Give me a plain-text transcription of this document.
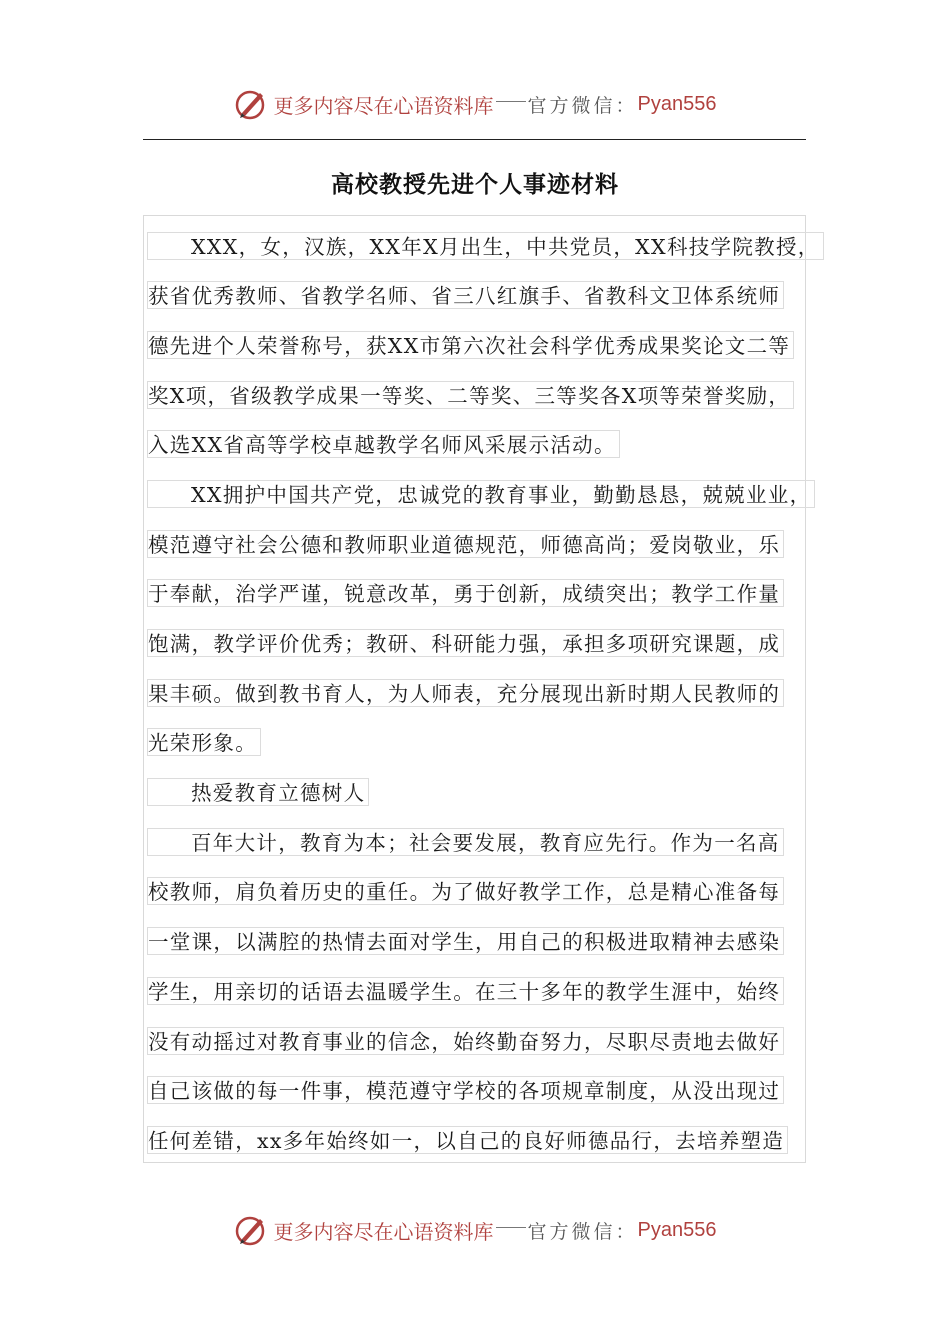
更多内容尽在心语资料库 官方微信： Pyan556
高校教授先进个人事迹材料
XXX，女，汉族，XX年X月出生，中共党员，XX科技学院教授，
获省优秀教师、省教学名师、省三八红旗手、省教科文卫体系统师
德先进个人荣誉称号，获XX市第六次社会科学优秀成果奖论文二等
奖X项，省级教学成果一等奖、二等奖、三等奖各X项等荣誉奖励，
入选XX省高等学校卓越教学名师风采展示活动。
XX拥护中国共产党，忠诚党的教育事业，勤勤恳恳，兢兢业业，
模范遵守社会公德和教师职业道德规范，师德高尚；爱岗敬业，乐
于奉献，治学严谨，锐意改革，勇于创新，成绩突出；教学工作量
饱满，教学评价优秀；教研、科研能力强，承担多项研究课题，成
果丰硕。做到教书育人，为人师表，充分展现出新时期人民教师的
光荣形象。
热爱教育立德树人
百年大计，教育为本；社会要发展，教育应先行。作为一名高
校教师，肩负着历史的重任。为了做好教学工作，总是精心准备每
一堂课，以满腔的热情去面对学生，用自己的积极进取精神去感染
学生，用亲切的话语去温暖学生。在三十多年的教学生涯中，始终
没有动摇过对教育事业的信念，始终勤奋努力，尽职尽责地去做好
自己该做的每一件事，模范遵守学校的各项规章制度，从没出现过
任何差错，xx多年始终如一，以自己的良好师德品行，去培养塑造
更多内容尽在心语资料库 官方微信： Pyan556
